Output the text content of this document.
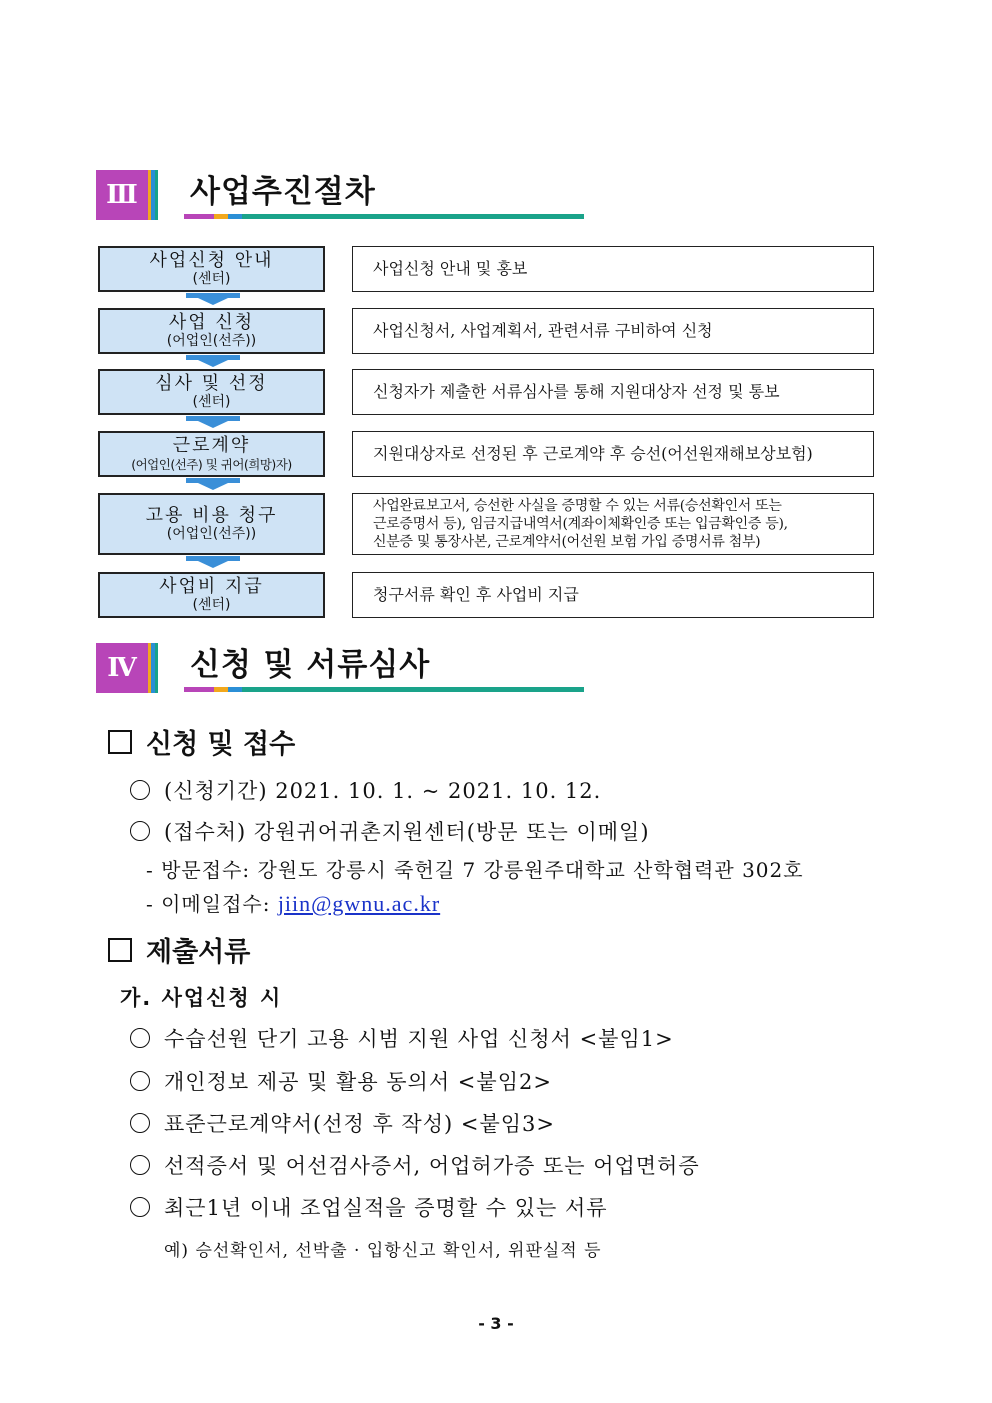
Ⅲ	사업추진절차
사업신청 안내
(센터)
사업신청 안내 및 홍보
사업 신청
(어업인(선주))
사업신청서, 사업계획서, 관련서류 구비하여 신청
심사 및 선정
(센터)
신청자가 제출한 서류심사를 통해 지원대상자 선정 및 통보
근로계약
(어업인(선주) 및 귀어(희망)자)
지원대상자로 선정된 후 근로계약 후 승선(어선원재해보상보험)
고용 비용 청구
(어업인(선주))
사업완료보고서, 승선한 사실을 증명할 수 있는 서류(승선확인서 또는
근로증명서 등), 임금지급내역서(계좌이체확인증 또는 입금확인증 등),
신분증 및 통장사본, 근로계약서(어선원 보험 가입 증명서류 첨부)
사업비 지급
(센터)
청구서류 확인 후 사업비 지급
Ⅳ	신청 및 서류심사
신청 및 접수
(신청기간) 2021. 10. 1. ~ 2021. 10. 12.
(접수처) 강원귀어귀촌지원센터(방문 또는 이메일)
- 방문접수: 강원도 강릉시 죽헌길 7 강릉원주대학교 산학협력관 302호
- 이메일접수: jiin@gwnu.ac.kr
제출서류
가. 사업신청 시
수습선원 단기 고용 시범 지원 사업 신청서 <붙임1>
개인정보 제공 및 활용 동의서 <붙임2>
표준근로계약서(선정 후 작성) <붙임3>
선적증서 및 어선검사증서, 어업허가증 또는 어업면허증
최근1년 이내 조업실적을 증명할 수 있는 서류
예) 승선확인서, 선박출 · 입항신고 확인서, 위판실적 등
- 3 -
